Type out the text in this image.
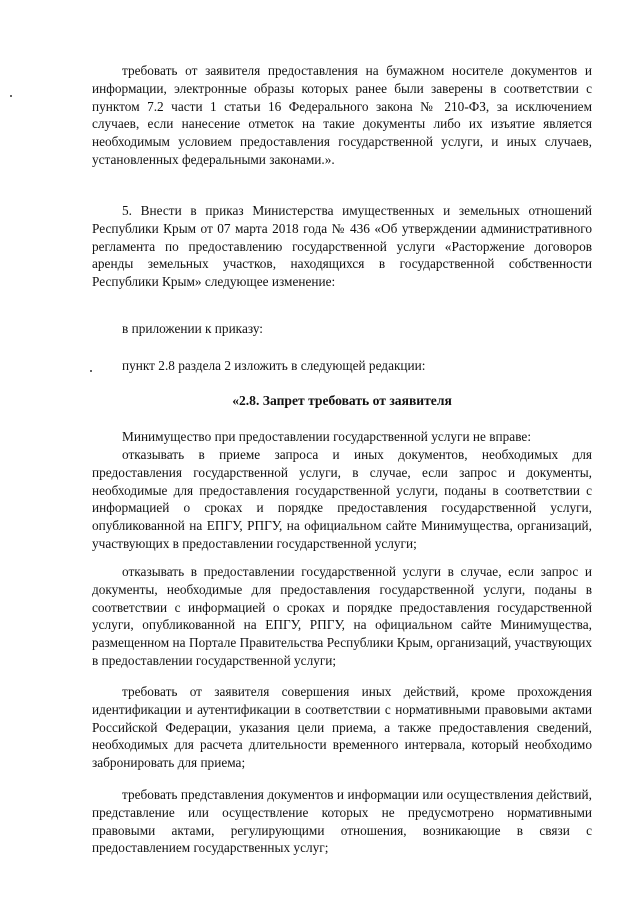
требовать от заявителя предоставления на бумажном носителе документов и информации, электронные образы которых ранее были заверены в соответствии с пунктом 7.2 части 1 статьи 16 Федерального закона № 210-ФЗ, за исключением случаев, если нанесение отметок на такие документы либо их изъятие является необходимым условием предоставления государственной услуги, и иных случаев, установленных федеральными законами.».

5. Внести в приказ Министерства имущественных и земельных отношений Республики Крым от 07 марта 2018 года № 436 «Об утверждении административного регламента по предоставлению государственной услуги «Расторжение договоров аренды земельных участков, находящихся в государственной собственности Республики Крым» следующее изменение:

в приложении к приказу:

пункт 2.8 раздела 2 изложить в следующей редакции:

«2.8. Запрет требовать от заявителя

Минимущество при предоставлении государственной услуги не вправе:

отказывать в приеме запроса и иных документов, необходимых для предоставления государственной услуги, в случае, если запрос и документы, необходимые для предоставления государственной услуги, поданы в соответствии с информацией о сроках и порядке предоставления государственной услуги, опубликованной на ЕПГУ, РПГУ, на официальном сайте Минимущества, организаций, участвующих в предоставлении государственной услуги;

отказывать в предоставлении государственной услуги в случае, если запрос и документы, необходимые для предоставления государственной услуги, поданы в соответствии с информацией о сроках и порядке предоставления государственной услуги, опубликованной на ЕПГУ, РПГУ, на официальном сайте Минимущества, размещенном на Портале Правительства Республики Крым, организаций, участвующих в предоставлении государственной услуги;

требовать от заявителя совершения иных действий, кроме прохождения идентификации и аутентификации в соответствии с нормативными правовыми актами Российской Федерации, указания цели приема, а также предоставления сведений, необходимых для расчета длительности временного интервала, который необходимо забронировать для приема;

требовать представления документов и информации или осуществления действий, представление или осуществление которых не предусмотрено нормативными правовыми актами, регулирующими отношения, возникающие в связи с предоставлением государственных услуг;
